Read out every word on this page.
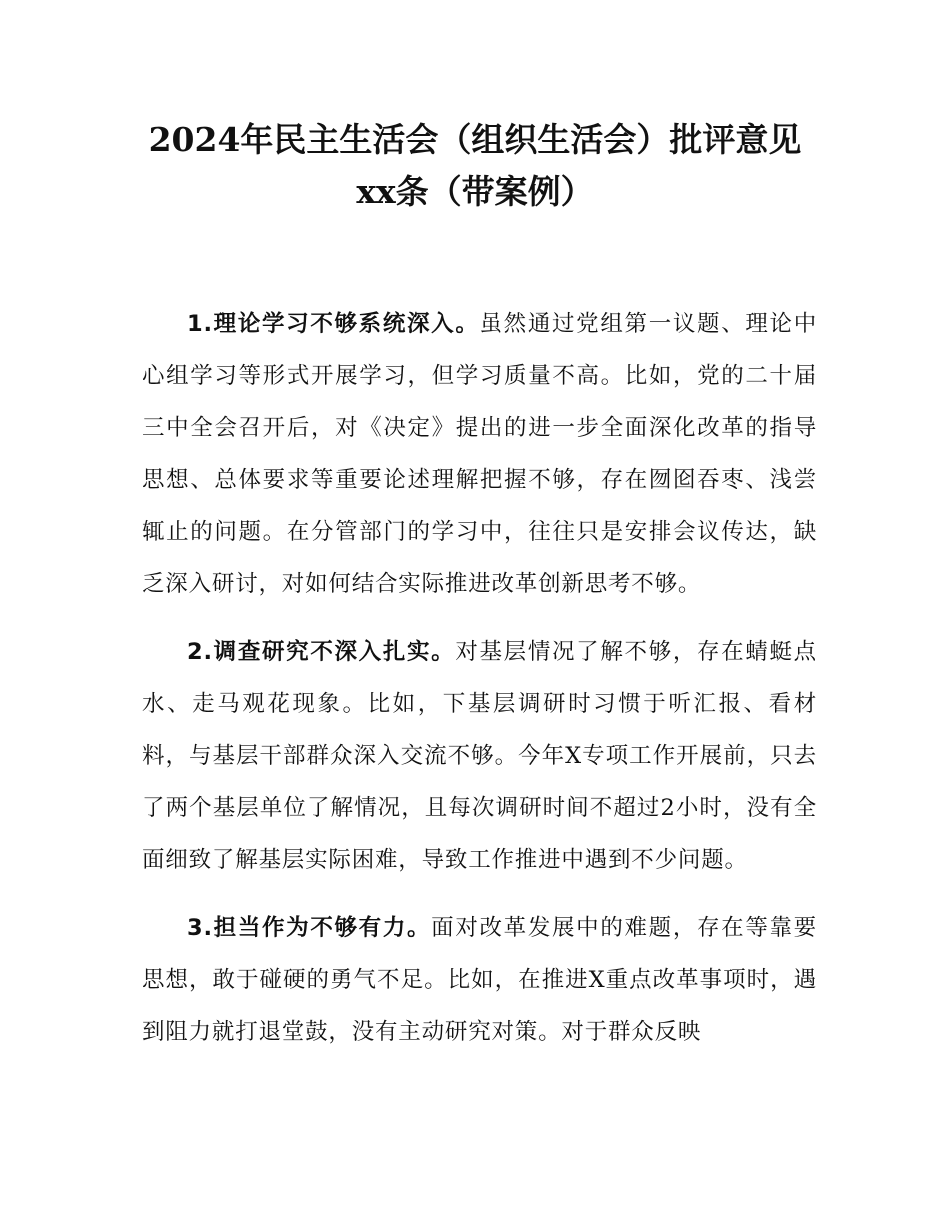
2024年民主生活会（组织生活会）批评意见
xx条（带案例）

1.理论学习不够系统深入。虽然通过党组第一议题、理论中心组学习等形式开展学习，但学习质量不高。比如，党的二十届三中全会召开后，对《决定》提出的进一步全面深化改革的指导思想、总体要求等重要论述理解把握不够，存在囫囵吞枣、浅尝辄止的问题。在分管部门的学习中，往往只是安排会议传达，缺乏深入研讨，对如何结合实际推进改革创新思考不够。

2.调查研究不深入扎实。对基层情况了解不够，存在蜻蜓点水、走马观花现象。比如，下基层调研时习惯于听汇报、看材料，与基层干部群众深入交流不够。今年X专项工作开展前，只去了两个基层单位了解情况，且每次调研时间不超过2小时，没有全面细致了解基层实际困难，导致工作推进中遇到不少问题。

3.担当作为不够有力。面对改革发展中的难题，存在等靠要思想，敢于碰硬的勇气不足。比如，在推进X重点改革事项时，遇到阻力就打退堂鼓，没有主动研究对策。对于群众反映
